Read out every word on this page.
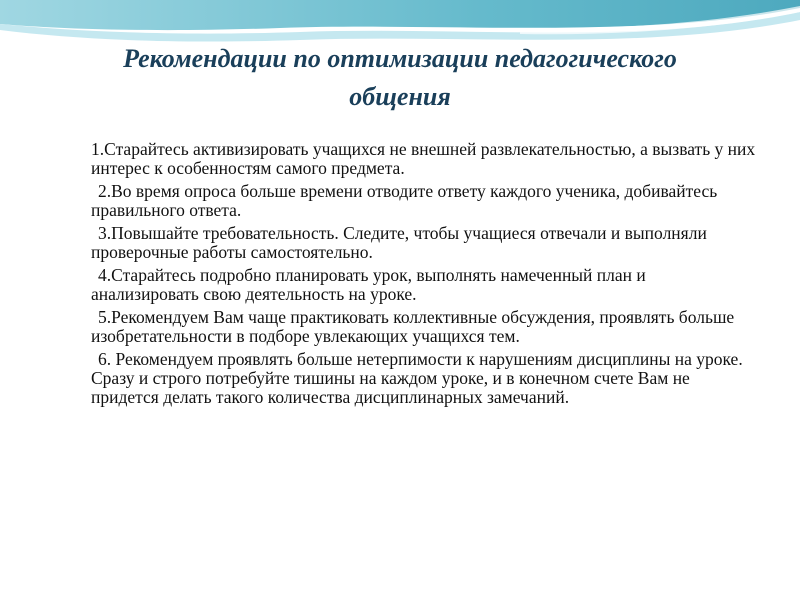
Рекомендации по оптимизации педагогического
общения

1.Старайтесь активизировать учащихся не внешней развлекательностью, а вызвать у них интерес к особенностям самого предмета.

2.Во время опроса больше времени отводите ответу каждого ученика, добивайтесь правильного ответа.

3.Повышайте требовательность. Следите, чтобы учащиеся отвечали и выполняли проверочные работы самостоятельно.

4.Старайтесь подробно планировать урок, выполнять намеченный план и анализировать свою деятельность на уроке.

5.Рекомендуем Вам чаще практиковать коллективные обсуждения, проявлять больше изобретательности в подборе увлекающих учащихся тем.

6. Рекомендуем проявлять больше нетерпимости к нарушениям дисциплины на уроке. Сразу и строго потребуйте тишины на каждом уроке, и в конечном счете Вам не придется делать такого количества дисциплинарных замечаний.
